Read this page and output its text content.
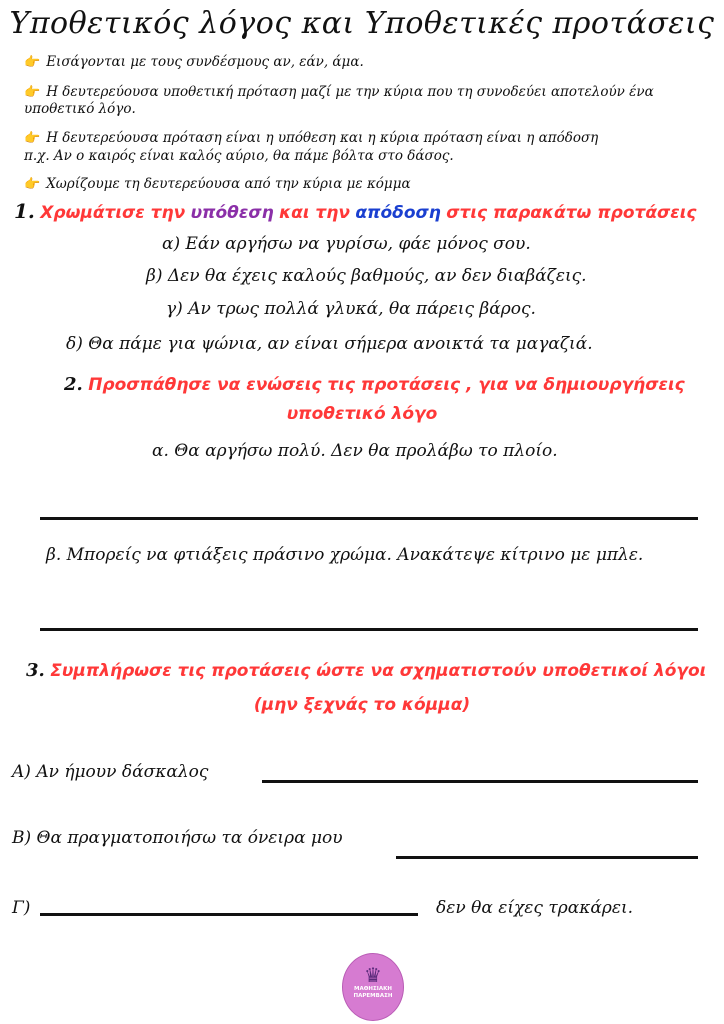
Υποθετικός λόγος και Υποθετικές προτάσεις
👉 Εισάγονται με τους συνδέσμους αν, εάν, άμα.
👉 Η δευτερεύουσα υποθετική πρόταση μαζί με την κύρια που τη συνοδεύει αποτελούν ένα
υποθετικό λόγο.
👉 Η δευτερεύουσα πρόταση είναι η υπόθεση και η κύρια πρόταση είναι η απόδοση
π.χ. Αν ο καιρός είναι καλός αύριο, θα πάμε βόλτα στο δάσος.
👉 Χωρίζουμε τη δευτερεύουσα από την κύρια με κόμμα
1. Χρωμάτισε την υπόθεση και την απόδοση στις παρακάτω προτάσεις
α) Εάν αργήσω να γυρίσω, φάε μόνος σου.
β) Δεν θα έχεις καλούς βαθμούς, αν δεν διαβάζεις.
γ) Αν τρως πολλά γλυκά, θα πάρεις βάρος.
δ) Θα πάμε για ψώνια, αν είναι σήμερα ανοικτά τα μαγαζιά.
2. Προσπάθησε να ενώσεις τις προτάσεις , για να δημιουργήσεις
υποθετικό λόγο
α. Θα αργήσω πολύ. Δεν θα προλάβω το πλοίο.
β. Μπορείς να φτιάξεις πράσινο χρώμα. Ανακάτεψε κίτρινο με μπλε.
3. Συμπλήρωσε τις προτάσεις ώστε να σχηματιστούν υποθετικοί λόγοι
(μην ξεχνάς το κόμμα)
Α) Αν ήμουν δάσκαλος
Β) Θα πραγματοποιήσω τα όνειρα μου
Γ)	δεν θα είχες τρακάρει.
♛
ΜΑΘΗΣΙΑΚΗ
ΠΑΡΕΜΒΑΣΗ
